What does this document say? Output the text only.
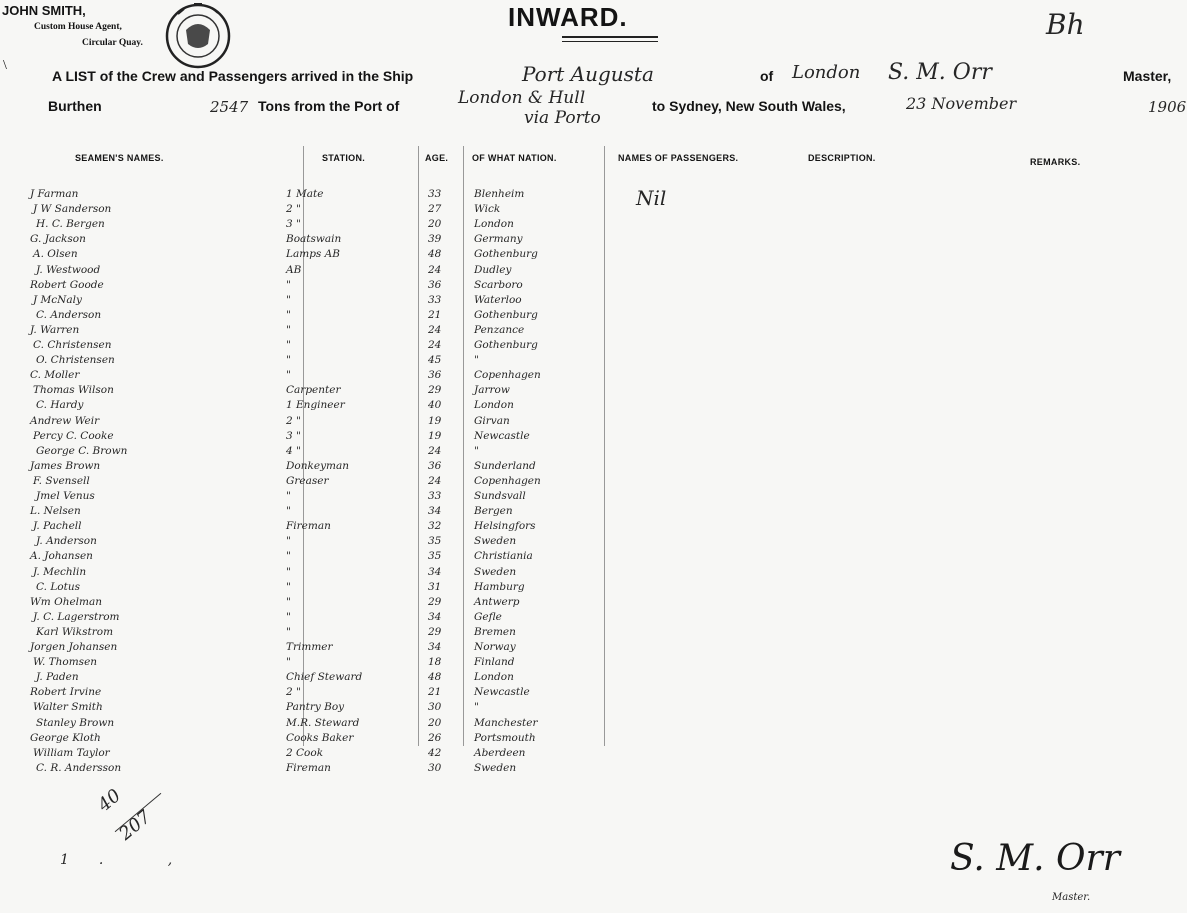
JOHN SMITH,
Custom House Agent,
Circular Quay.
INWARD.	Bh
\
A LIST of the Crew and Passengers arrived in the Ship	Port Augusta	of London S. M. Orr	Master,
Burthen	2547 Tons from the Port of	London & Hull
via Porto
to Sydney, New South Wales,	23 November	1906
SEAMEN'S NAMES.	STATION.	AGE.	OF WHAT NATION.	NAMES OF PASSENGERS.	DESCRIPTION.	REMARKS.
Nil
J Farman	1 Mate	33	Blenheim
J W Sanderson	2 "	27	Wick
H. C. Bergen	3 "	20	London
G. Jackson	Boatswain	39	Germany
A. Olsen	Lamps AB	48	Gothenburg
J. Westwood	AB	24	Dudley
Robert Goode	"	36	Scarboro
J McNaly	"	33	Waterloo
C. Anderson	"	21	Gothenburg
J. Warren	"	24	Penzance
C. Christensen	"	24	Gothenburg
O. Christensen	"	45	"
C. Moller	"	36	Copenhagen
Thomas Wilson	Carpenter	29	Jarrow
C. Hardy	1 Engineer	40	London
Andrew Weir	2 "	19	Girvan
Percy C. Cooke	3 "	19	Newcastle
George C. Brown	4 "	24	"
James Brown	Donkeyman	36	Sunderland
F. Svensell	Greaser	24	Copenhagen
Jmel Venus	"	33	Sundsvall
L. Nelsen	"	34	Bergen
J. Pachell	Fireman	32	Helsingfors
J. Anderson	"	35	Sweden
A. Johansen	"	35	Christiania
J. Mechlin	"	34	Sweden
C. Lotus	"	31	Hamburg
Wm Ohelman	"	29	Antwerp
J. C. Lagerstrom	"	34	Gefle
Karl Wikstrom	"	29	Bremen
Jorgen Johansen	Trimmer	34	Norway
W. Thomsen	"	18	Finland
J. Paden	Chief Steward	48	London
Robert Irvine	2 "	21	Newcastle
Walter Smith	Pantry Boy	30	"
Stanley Brown	M.R. Steward	20	Manchester
George Kloth	Cooks Baker	26	Portsmouth
William Taylor	2 Cook	42	Aberdeen
C. R. Andersson	Fireman	30	Sweden
40
207
1. ,	S. M. Orr
Master.
